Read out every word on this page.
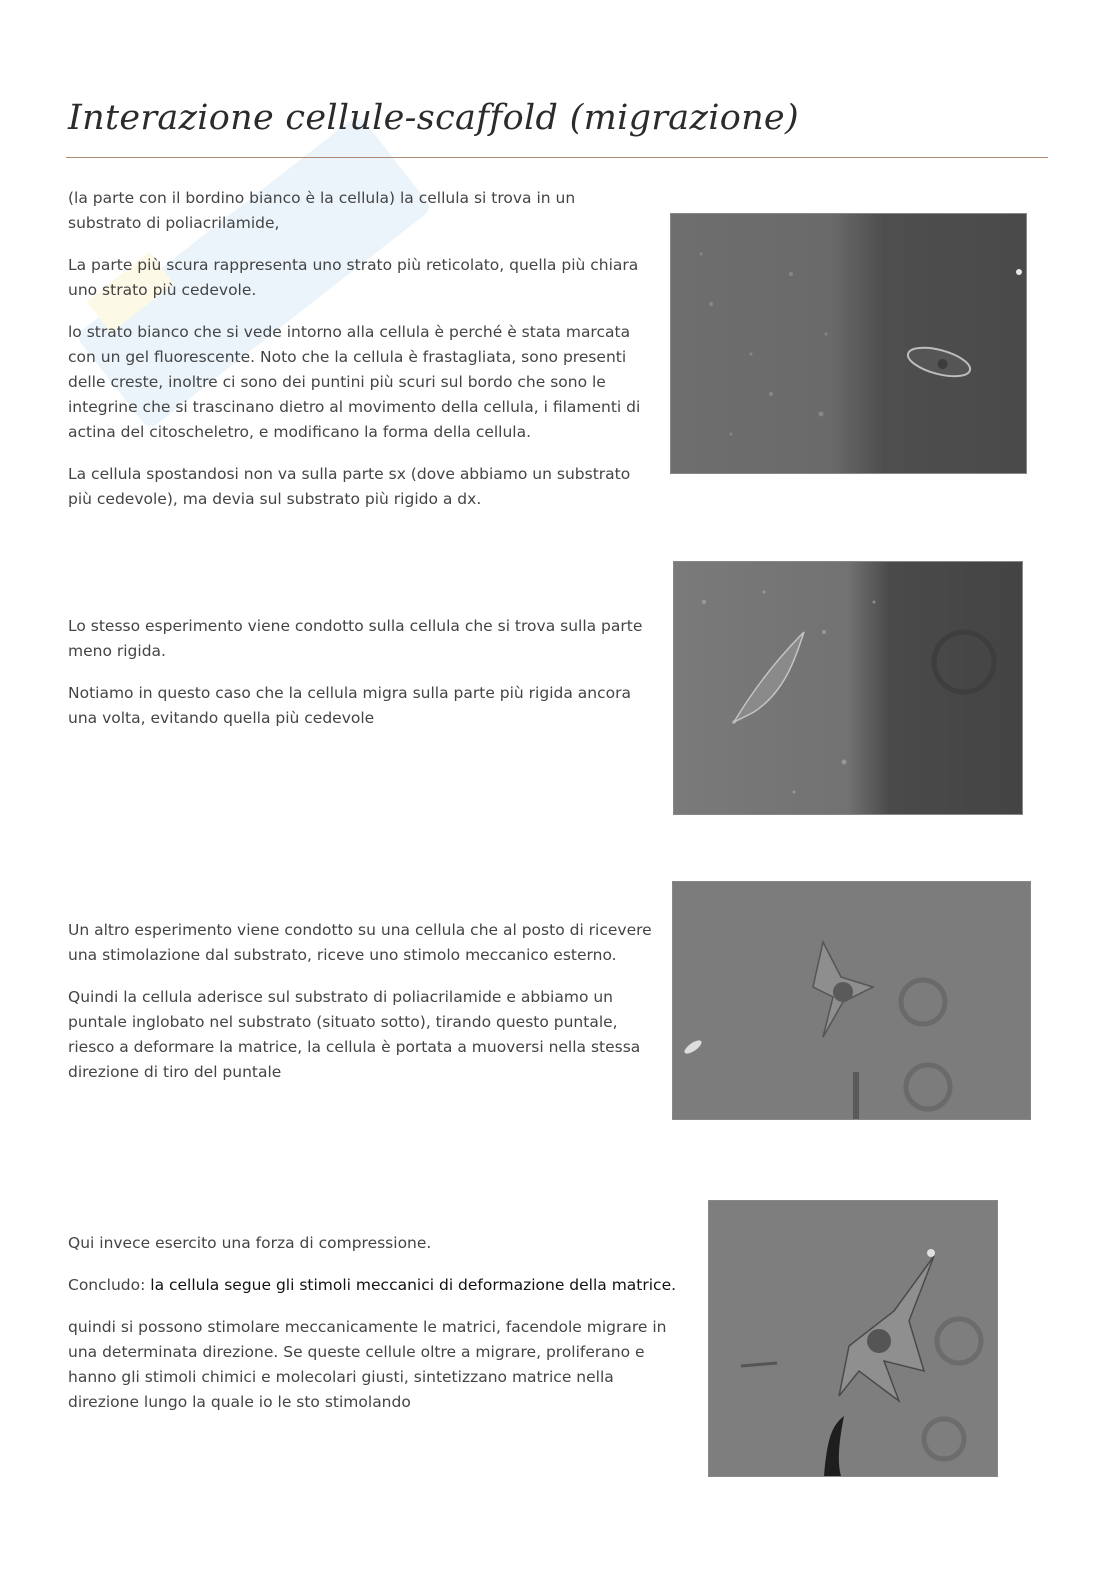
Interazione cellule-scaffold (migrazione)

(la parte con il bordino bianco è la cellula) la cellula si trova in un substrato di poliacrilamide,

La parte più scura rappresenta uno strato più reticolato, quella più chiara uno strato più cedevole.

lo strato bianco che si vede intorno alla cellula è perché è stata marcata con un gel fluorescente. Noto che la cellula è frastagliata, sono presenti delle creste, inoltre ci sono dei puntini più scuri sul bordo che sono le integrine che si trascinano dietro al movimento della cellula, i filamenti di actina del citoscheletro, e modificano la forma della cellula.

La cellula spostandosi non va sulla parte sx (dove abbiamo un substrato più cedevole), ma devia sul substrato più rigido a dx.

Lo stesso esperimento viene condotto sulla cellula che si trova sulla parte meno rigida.

Notiamo in questo caso che la cellula migra sulla parte più rigida ancora una volta, evitando quella più cedevole

Un altro esperimento viene condotto su una cellula che al posto di ricevere una stimolazione dal substrato, riceve uno stimolo meccanico esterno.

Quindi la cellula aderisce sul substrato di poliacrilamide e abbiamo un puntale inglobato nel substrato (situato sotto), tirando questo puntale, riesco a deformare la matrice, la cellula è portata a muoversi nella stessa direzione di tiro del puntale

Qui invece esercito una forza di compressione.

Concludo: la cellula segue gli stimoli meccanici di deformazione della matrice.

quindi si possono stimolare meccanicamente le matrici, facendole migrare in una determinata direzione. Se queste cellule oltre a migrare, proliferano e hanno gli stimoli chimici e molecolari giusti, sintetizzano matrice nella direzione lungo la quale io le sto stimolando
